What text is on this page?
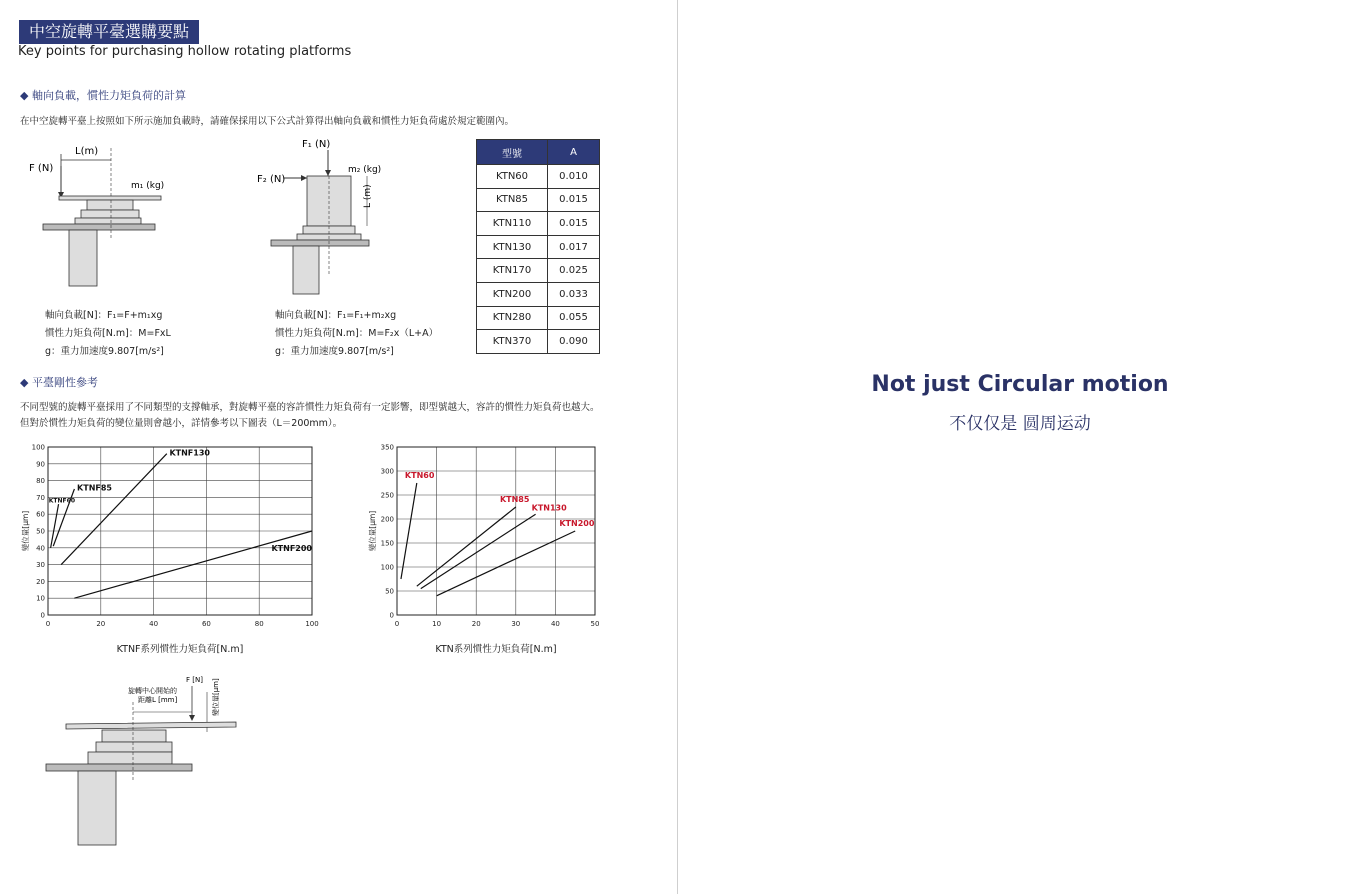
中空旋轉平臺選購要點
Key points for purchasing hollow rotating platforms
◆ 軸向負載，慣性力矩負荷的計算
在中空旋轉平臺上按照如下所示施加負載時，請確保採用以下公式計算得出軸向負載和慣性力矩負荷處於規定範圍內。
L(m)
F (N)
m₁ (kg)
F₁ (N)
F₂ (N)
m₂ (kg)
L (m)
軸向負載[N]：F₁=F+m₁xg
慣性力矩負荷[N.m]：M=FxL
g：重力加速度9.807[m/s²]
軸向負載[N]：F₁=F₁+m₂xg
慣性力矩負荷[N.m]：M=F₂x（L+A）
g：重力加速度9.807[m/s²]
型號	A
KTN60	0.010
KTN85	0.015
KTN110	0.015
KTN130	0.017
KTN170	0.025
KTN200	0.033
KTN280	0.055
KTN370	0.090
◆ 平臺剛性參考
不同型號的旋轉平臺採用了不同類型的支撐軸承，對旋轉平臺的容許慣性力矩負荷有一定影響，即型號越大，容許的慣性力矩負荷也越大。
但對於慣性力矩負荷的變位量則會越小，詳情參考以下圖表（L＝200mm）。
0	20	40	60	80	100
0
10
20
30
40
50
60
70
80
90
100
變位量[μm]
KTNF60
KTNF85
KTNF130
KTNF200
KTNF系列慣性力矩負荷[N.m]
0	10	20	30	40	50
0
50
100
150
200
250
300
350
變位量[μm]
KTN60
KTN85
KTN130
KTN200
KTN系列慣性力矩負荷[N.m]
F [N]
旋轉中心開始的
距離L [mm]	變位量[μm]
Not just Circular motion
不仅仅是 圆周运动
